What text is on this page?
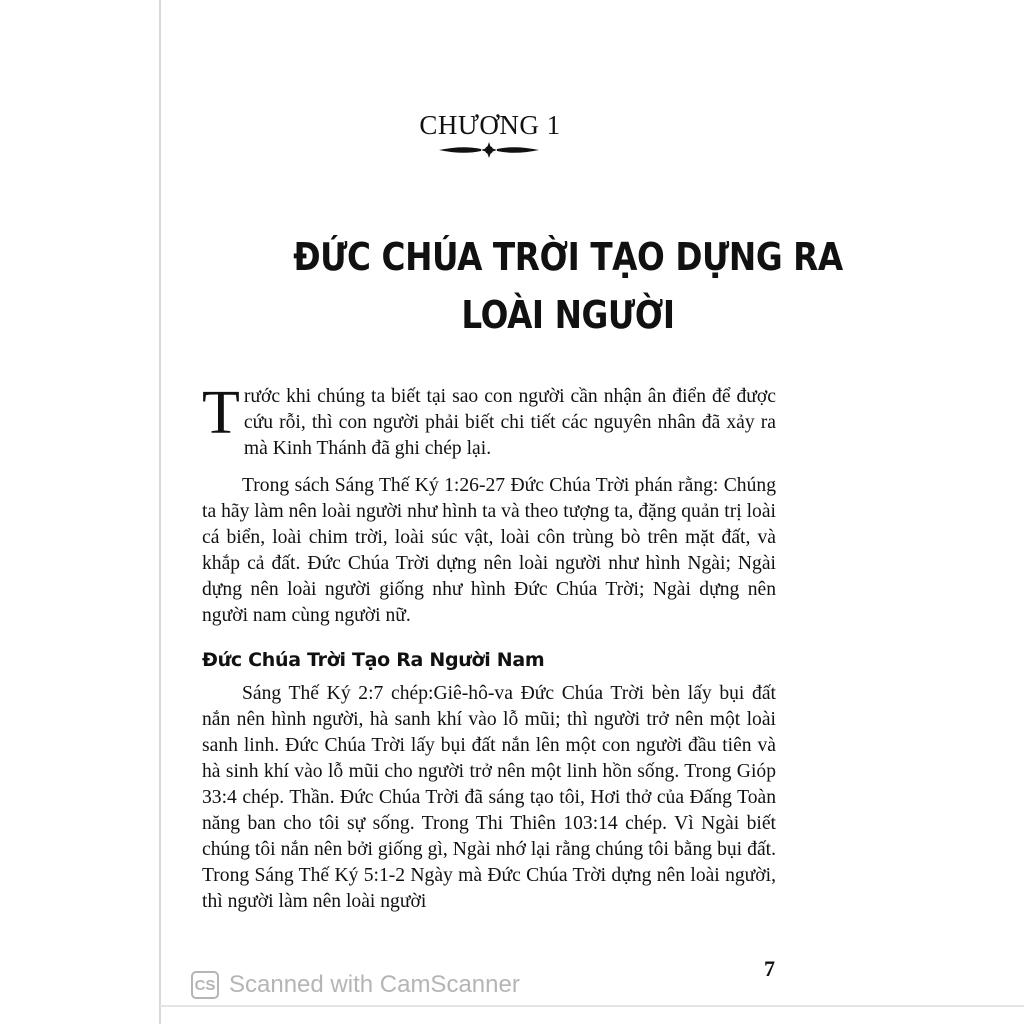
CHƯƠNG 1
ĐỨC CHÚA TRỜI TẠO DỰNG RA
LOÀI NGƯỜI

Trước khi chúng ta biết tại sao con người cần nhận ân điển để được cứu rỗi, thì con người phải biết chi tiết các nguyên nhân đã xảy ra mà Kinh Thánh đã ghi chép lại.

Trong sách Sáng Thế Ký 1:26-27 Đức Chúa Trời phán rằng: Chúng ta hãy làm nên loài người như hình ta và theo tượng ta, đặng quản trị loài cá biển, loài chim trời, loài súc vật, loài côn trùng bò trên mặt đất, và khắp cả đất. Đức Chúa Trời dựng nên loài người như hình Ngài; Ngài dựng nên loài người giống như hình Đức Chúa Trời; Ngài dựng nên người nam cùng người nữ.

Đức Chúa Trời Tạo Ra Người Nam

Sáng Thế Ký 2:7 chép:Giê-hô-va Đức Chúa Trời bèn lấy bụi đất nắn nên hình người, hà sanh khí vào lỗ mũi; thì người trở nên một loài sanh linh. Đức Chúa Trời lấy bụi đất nắn lên một con người đầu tiên và hà sinh khí vào lỗ mũi cho người trở nên một linh hồn sống. Trong Gióp 33:4 chép. Thần. Đức Chúa Trời đã sáng tạo tôi, Hơi thở của Đấng Toàn năng ban cho tôi sự sống. Trong Thi Thiên 103:14 chép. Vì Ngài biết chúng tôi nắn nên bởi giống gì, Ngài nhớ lại rằng chúng tôi bằng bụi đất. Trong Sáng Thế Ký 5:1-2 Ngày mà Đức Chúa Trời dựng nên loài người, thì người làm nên loài người

7
CS Scanned with CamScanner
